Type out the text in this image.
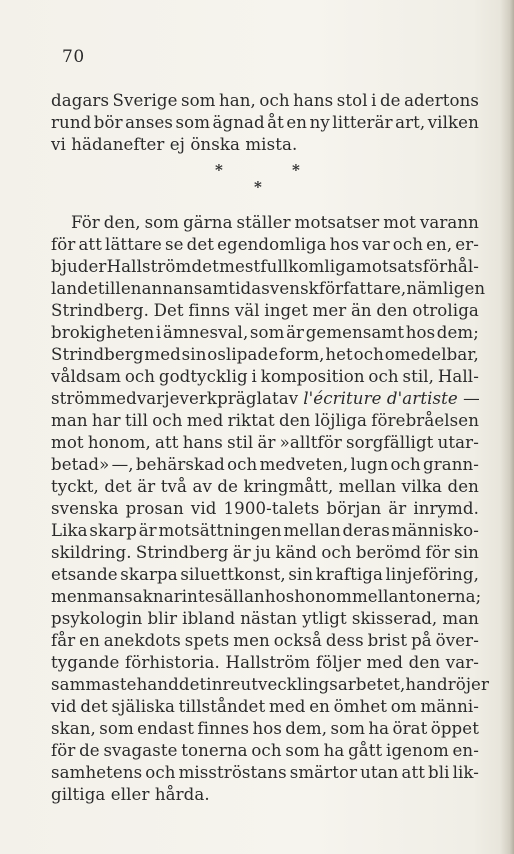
70
dagars Sverige som han, och hans stol i de adertons
rund bör anses som ägnad åt en ny litterär art, vilken
vi hädanefter ej önska mista.
*	*
*
För den, som gärna ställer motsatser mot varann
för att lättare se det egendomliga hos var och en, er-
bjuder Hallström det mest fullkomliga motsatsförhål-
lande till en annan samtida svensk författare, nämligen
Strindberg. Det finns väl inget mer än den otroliga
brokigheten i ämnesval, som är gemensamt hos dem;
Strindberg med sin oslipade form, het och omedelbar,
våldsam och godtycklig i komposition och stil, Hall-
ström med varje verk präglat av l'écriture d'artiste —
man har till och med riktat den löjliga förebråelsen
mot honom, att hans stil är »alltför sorgfälligt utar-
betad» —, behärskad och medveten, lugn och grann-
tyckt, det är två av de kringmått, mellan vilka den
svenska prosan vid 1900-talets början är inrymd.
Lika skarp är motsättningen mellan deras människo-
skildring. Strindberg är ju känd och berömd för sin
etsande skarpa siluettkonst, sin kraftiga linjeföring,
men man saknar inte sällan hos honom mellantonerna;
psykologin blir ibland nästan ytligt skisserad, man
får en anekdots spets men också dess brist på över-
tygande förhistoria. Hallström följer med den var-
sammaste hand det inre utvecklingsarbetet, han dröjer
vid det själiska tillståndet med en ömhet om männi-
skan, som endast finnes hos dem, som ha örat öppet
för de svagaste tonerna och som ha gått igenom en-
samhetens och misströstans smärtor utan att bli lik-
giltiga eller hårda.
